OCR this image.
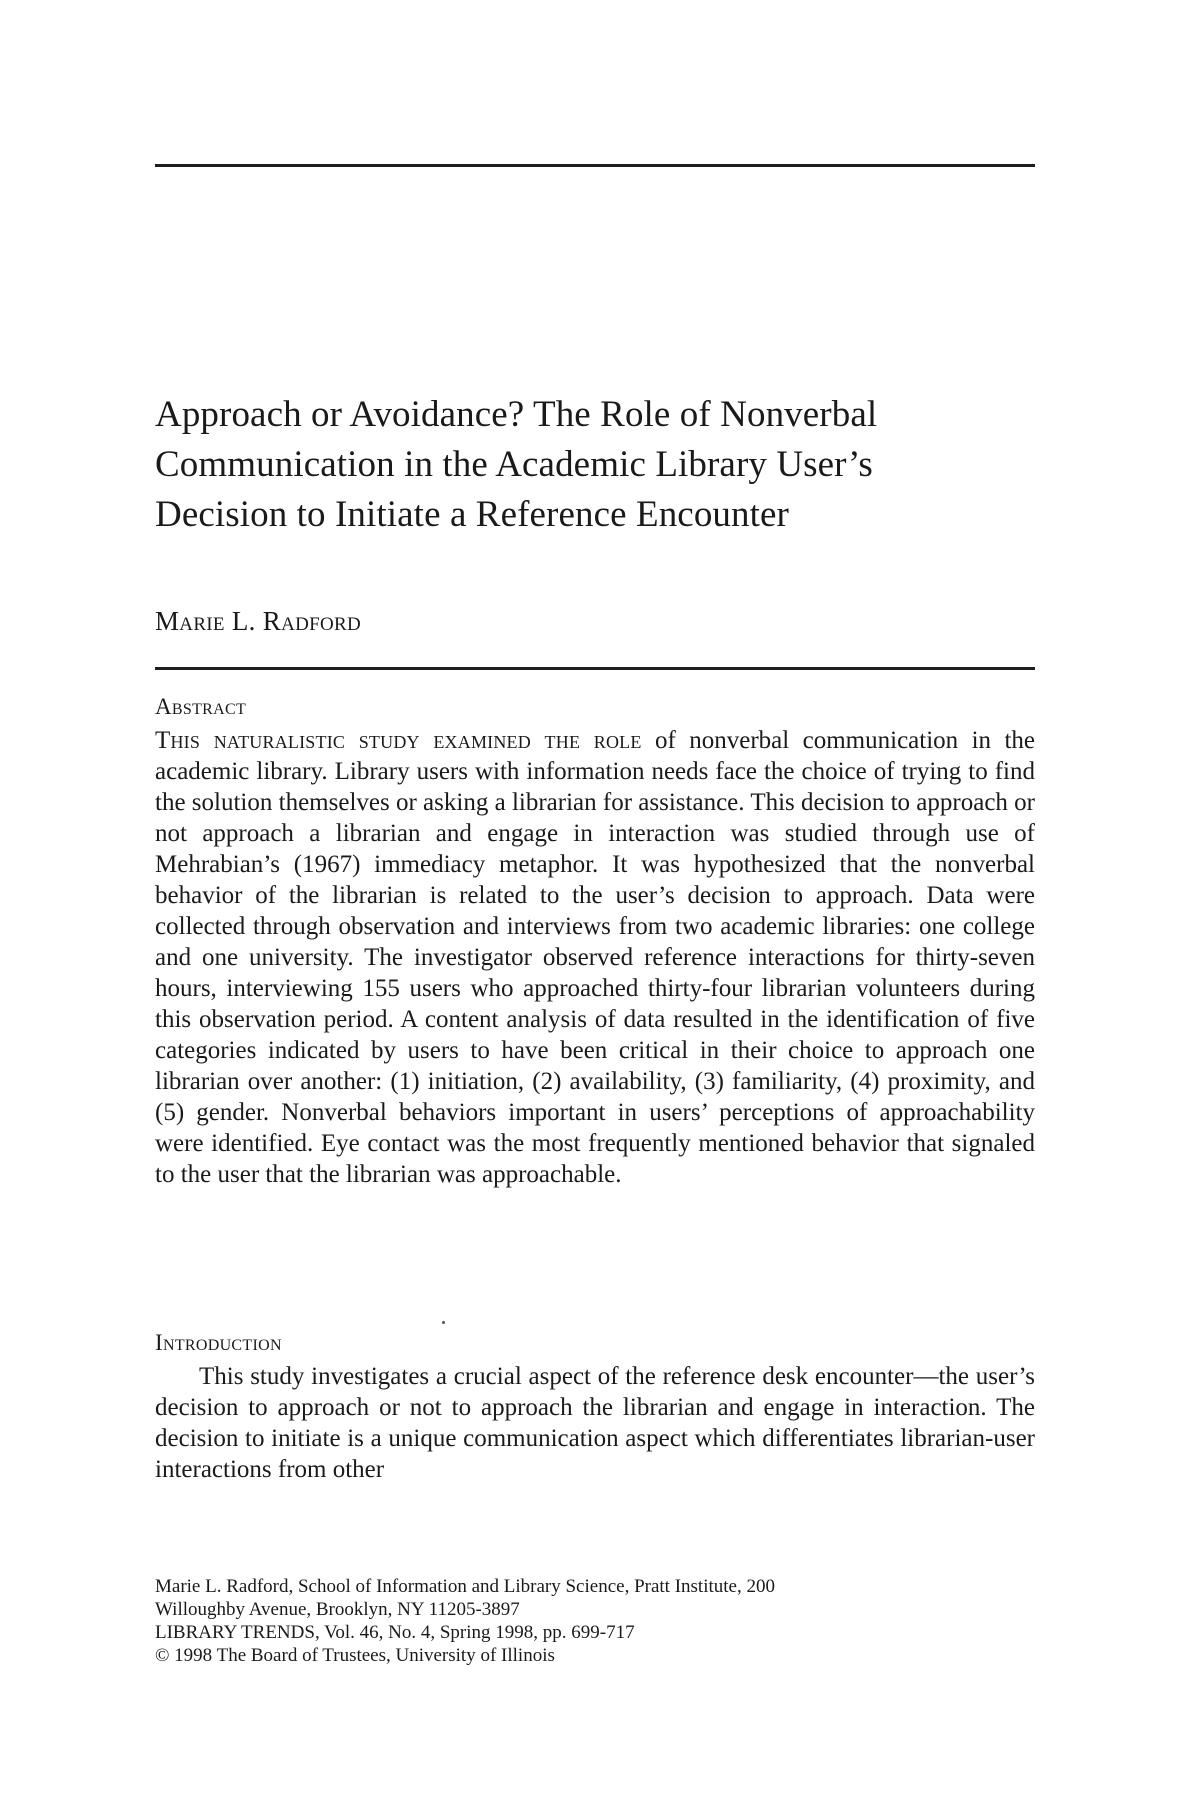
Approach or Avoidance? The Role of Nonverbal
Communication in the Academic Library User’s
Decision to Initiate a Reference Encounter

Marie L. Radford

Abstract

This naturalistic study examined the role of nonverbal communication in the academic library. Library users with information needs face the choice of trying to find the solution themselves or asking a librarian for assistance. This decision to approach or not approach a librarian and engage in interaction was studied through use of Mehrabian’s (1967) immediacy metaphor. It was hypothesized that the nonverbal behavior of the librarian is related to the user’s decision to approach. Data were collected through observation and interviews from two academic libraries: one college and one university. The investigator observed reference interactions for thirty-seven hours, interviewing 155 users who approached thirty-four librarian volunteers during this observation period. A content analysis of data resulted in the identification of five categories indicated by users to have been critical in their choice to approach one librarian over another: (1) initiation, (2) availability, (3) familiarity, (4) proximity, and (5) gender. Nonverbal behaviors important in users’ perceptions of approachability were identified. Eye contact was the most frequently mentioned behavior that signaled to the user that the librarian was approachable.

Introduction

This study investigates a crucial aspect of the reference desk encounter—the user’s decision to approach or not to approach the librarian and engage in interaction. The decision to initiate is a unique communication aspect which differentiates librarian-user interactions from other

Marie L. Radford, School of Information and Library Science, Pratt Institute, 200
Willoughby Avenue, Brooklyn, NY 11205-3897
LIBRARY TRENDS, Vol. 46, No. 4, Spring 1998, pp. 699-717
© 1998 The Board of Trustees, University of Illinois
